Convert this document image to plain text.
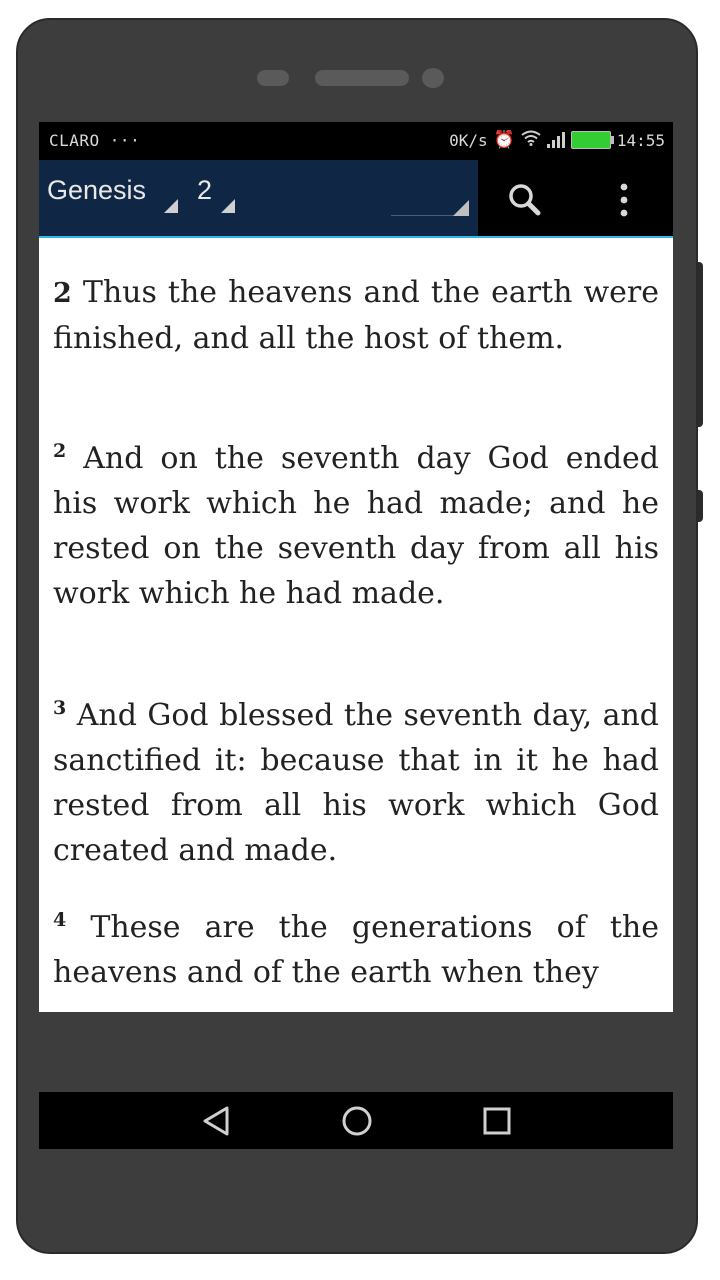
CLARO ···	0K/s ⏰	14:55
Genesis 2

2 Thus the heavens and the earth were finished, and all the host of them.

$^2$ And on the seventh day God ended his work which he had made; and he rested on the seventh day from all his work which he had made.

$^3$ And God blessed the seventh day, and sanctified it: because that in it he had rested from all his work which God created and made.

$^4$ These are the generations of the heavens and of the earth when they
